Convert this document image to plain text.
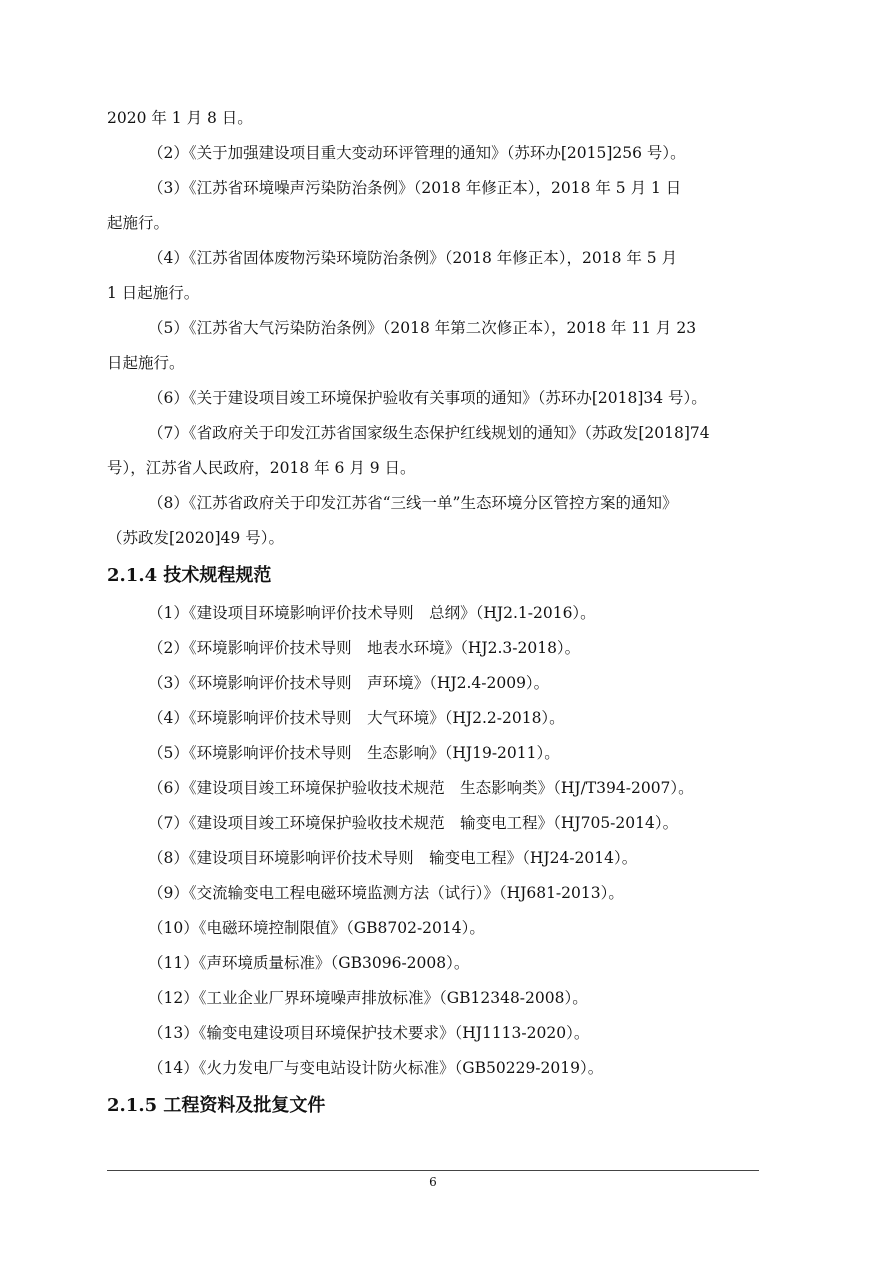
2020 年 1 月 8 日。
（2）《关于加强建设项目重大变动环评管理的通知》（苏环办[2015]256 号）。
（3）《江苏省环境噪声污染防治条例》（2018 年修正本），2018 年 5 月 1 日
起施行。
（4）《江苏省固体废物污染环境防治条例》（2018 年修正本），2018 年 5 月
1 日起施行。
（5）《江苏省大气污染防治条例》（2018 年第二次修正本），2018 年 11 月 23
日起施行。
（6）《关于建设项目竣工环境保护验收有关事项的通知》（苏环办[2018]34 号）。
（7）《省政府关于印发江苏省国家级生态保护红线规划的通知》（苏政发[2018]74
号），江苏省人民政府，2018 年 6 月 9 日。
（8）《江苏省政府关于印发江苏省“三线一单”生态环境分区管控方案的通知》
（苏政发[2020]49 号）。
2.1.4 技术规程规范
（1）《建设项目环境影响评价技术导则　总纲》（HJ2.1-2016）。
（2）《环境影响评价技术导则　地表水环境》（HJ2.3-2018）。
（3）《环境影响评价技术导则　声环境》（HJ2.4-2009）。
（4）《环境影响评价技术导则　大气环境》（HJ2.2-2018）。
（5）《环境影响评价技术导则　生态影响》（HJ19-2011）。
（6）《建设项目竣工环境保护验收技术规范　生态影响类》（HJ/T394-2007）。
（7）《建设项目竣工环境保护验收技术规范　输变电工程》（HJ705-2014）。
（8）《建设项目环境影响评价技术导则　输变电工程》（HJ24-2014）。
（9）《交流输变电工程电磁环境监测方法（试行）》（HJ681-2013）。
（10）《电磁环境控制限值》（GB8702-2014）。
（11）《声环境质量标准》（GB3096-2008）。
（12）《工业企业厂界环境噪声排放标准》（GB12348-2008）。
（13）《输变电建设项目环境保护技术要求》（HJ1113-2020）。
（14）《火力发电厂与变电站设计防火标准》（GB50229-2019）。
2.1.5 工程资料及批复文件
6
